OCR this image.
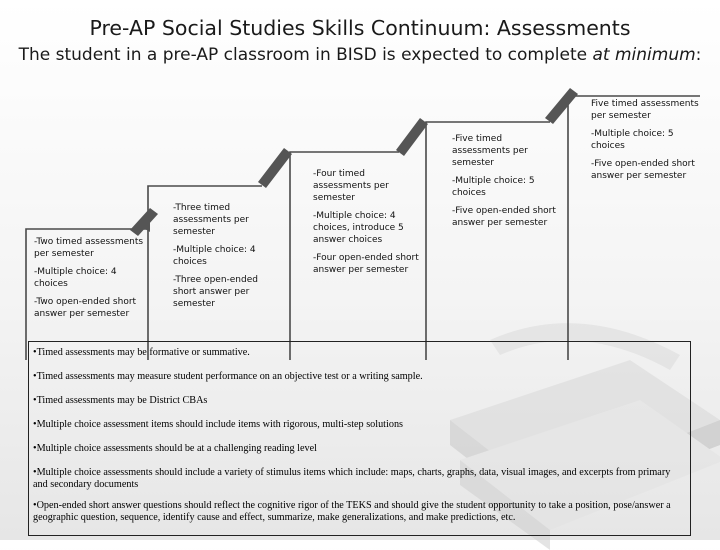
Pre-AP Social Studies Skills Continuum: Assessments
The student in a pre-AP classroom in BISD is expected to complete at minimum:

-Two timed assessments per semester

-Multiple choice: 4 choices

-Two open-ended short answer per semester

-Three timed assessments per semester

-Multiple choice: 4 choices

-Three open-ended short answer per semester

-Four timed assessments per semester

-Multiple choice: 4 choices, introduce 5 answer choices

-Four open-ended short answer per semester

-Five timed assessments per semester

-Multiple choice: 5 choices

-Five open-ended short answer per semester

Five timed assessments per semester

-Multiple choice: 5 choices

-Five open-ended short answer per semester

•Timed assessments may be formative or summative.

•Timed assessments may measure student performance on an objective test or a writing sample.

•Timed assessments may be District CBAs

•Multiple choice assessment items should include items with rigorous, multi-step solutions

•Multiple choice assessments should be at a challenging reading level

•Multiple choice assessments should include a variety of stimulus items which include: maps, charts, graphs, data, visual images, and excerpts from primary and secondary documents

•Open-ended short answer questions should reflect the cognitive rigor of the TEKS and should give the student opportunity to take a position, pose/answer a geographic question, sequence, identify cause and effect, summarize, make generalizations, and make predictions, etc.
